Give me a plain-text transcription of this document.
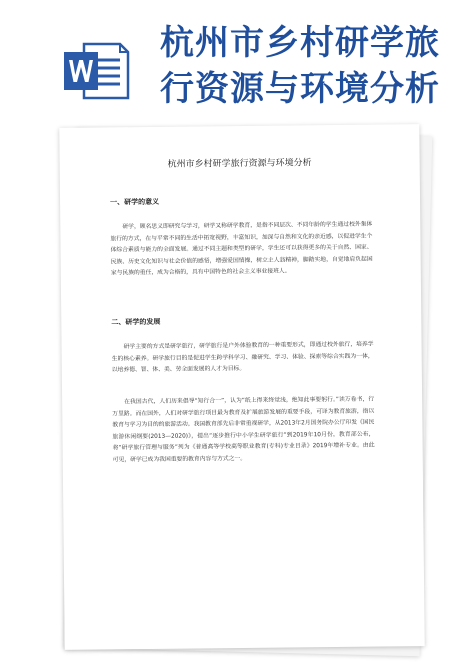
杭州市乡村研学旅行资源与环境分析
杭州市乡村研学旅行资源与环境分析
一、研学的意义
研学，顾名思义即研究与学习，研学又称研学教育，是指不同层次、不同年龄的学生通过校外集体旅行的方式，在与平常不同的生活中拓宽视野，丰富知识，加深与自然和文化的亲近感，以促进学生个体综合素质与能力的全面发展。通过不同主题和类型的研学，学生还可以获得更多的关于自然、国家、民族、历史文化知识与社会价值的感悟，增强爱国情操，树立主人翁精神，脚踏实地，自觉地肩负起国家与民族的重任，成为合格的，具有中国特色的社会主义事业接班人。
二、研学的发展
研学主要的方式是研学旅行，研学旅行是户外体验教育的一种重要形式，即通过校外旅行，培养学生的核心素养。研学旅行目的是促进学生跨学科学习、融研究、学习、体验、探索等综合实践为一体，以培养德、智、体、美、劳全面发展的人才为目标。
在我国古代，人们历来倡导“知行合一”，认为“纸上得来终觉浅，绝知此事要躬行。”读万卷书，行万里路。而在国外，人们对研学旅行项目最为教育及扩展旅游发展的重要手段，可译为教育旅游，指以教育与学习为目的的旅游活动。我国教育部先后非常重视研学，从2013年2月国务院办公厅印发《国民旅游休闲纲要(2013—2020)》，提出“逐步推行中小学生研学旅行”到2019年10月份，教育部公布，将“研学旅行管理与服务”列为《普通高等学校高等职业教育(专科)专业目录》2019年增补专业。由此可见，研学已成为我国重要的教育内容与方式之一。
